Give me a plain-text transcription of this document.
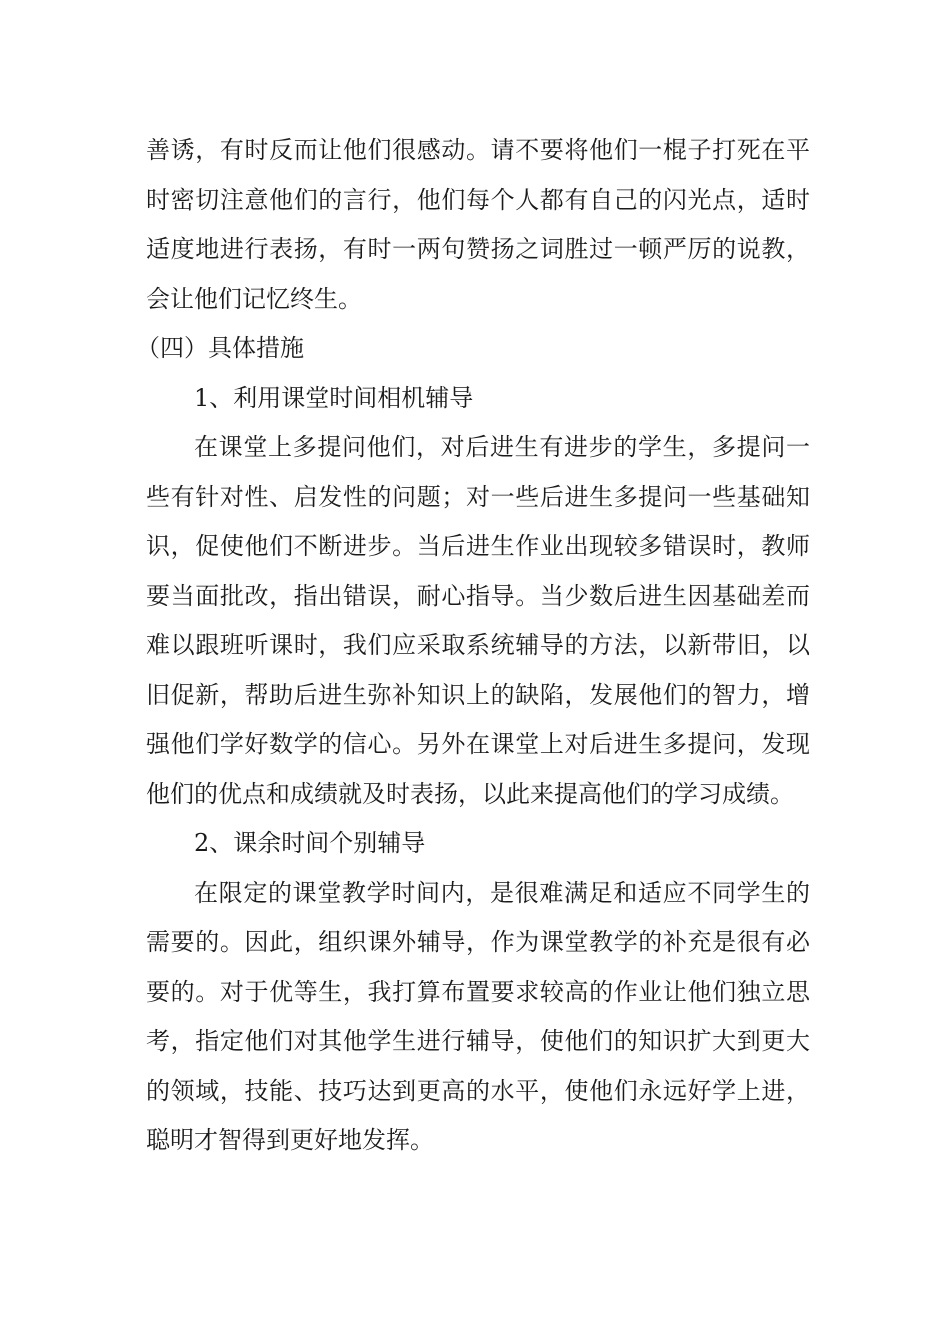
善诱，有时反而让他们很感动。请不要将他们一棍子打死在平时密切注意他们的言行，他们每个人都有自己的闪光点，适时适度地进行表扬，有时一两句赞扬之词胜过一顿严厉的说教，会让他们记忆终生。

（四）具体措施

1、利用课堂时间相机辅导

在课堂上多提问他们，对后进生有进步的学生，多提问一些有针对性、启发性的问题；对一些后进生多提问一些基础知识，促使他们不断进步。当后进生作业出现较多错误时，教师要当面批改，指出错误，耐心指导。当少数后进生因基础差而难以跟班听课时，我们应采取系统辅导的方法，以新带旧，以旧促新，帮助后进生弥补知识上的缺陷，发展他们的智力，增强他们学好数学的信心。另外在课堂上对后进生多提问，发现他们的优点和成绩就及时表扬，以此来提高他们的学习成绩。

2、课余时间个别辅导

在限定的课堂教学时间内，是很难满足和适应不同学生的需要的。因此，组织课外辅导，作为课堂教学的补充是很有必要的。对于优等生，我打算布置要求较高的作业让他们独立思考，指定他们对其他学生进行辅导，使他们的知识扩大到更大的领域，技能、技巧达到更高的水平，使他们永远好学上进，聪明才智得到更好地发挥。
